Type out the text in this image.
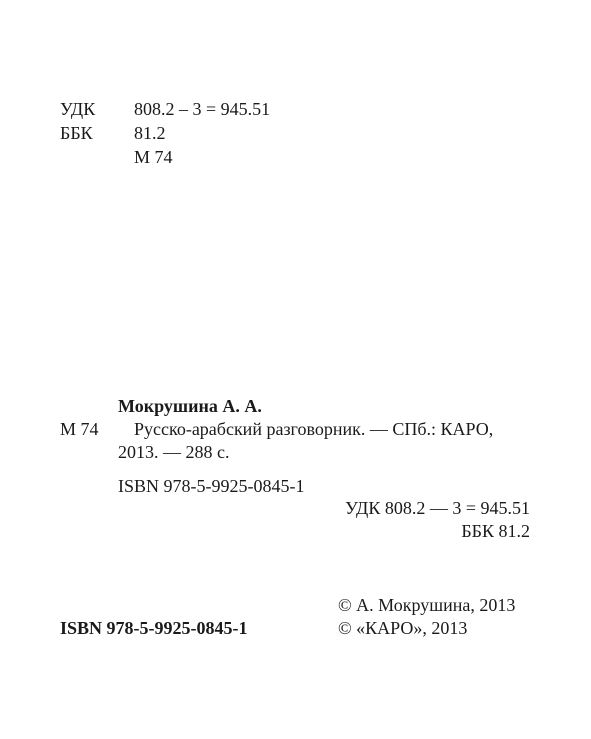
УДК 808.2 – 3 = 945.51
ББК 81.2
М 74
Мокрушина А. А.
М 74 Русско-арабский разговорник. — СПб.: КАРО,
2013. — 288 с.
ISBN 978-5-9925-0845-1
УДК 808.2 — 3 = 945.51
ББК 81.2
© А. Мокрушина, 2013
ISBN 978-5-9925-0845-1	© «КАРО», 2013
